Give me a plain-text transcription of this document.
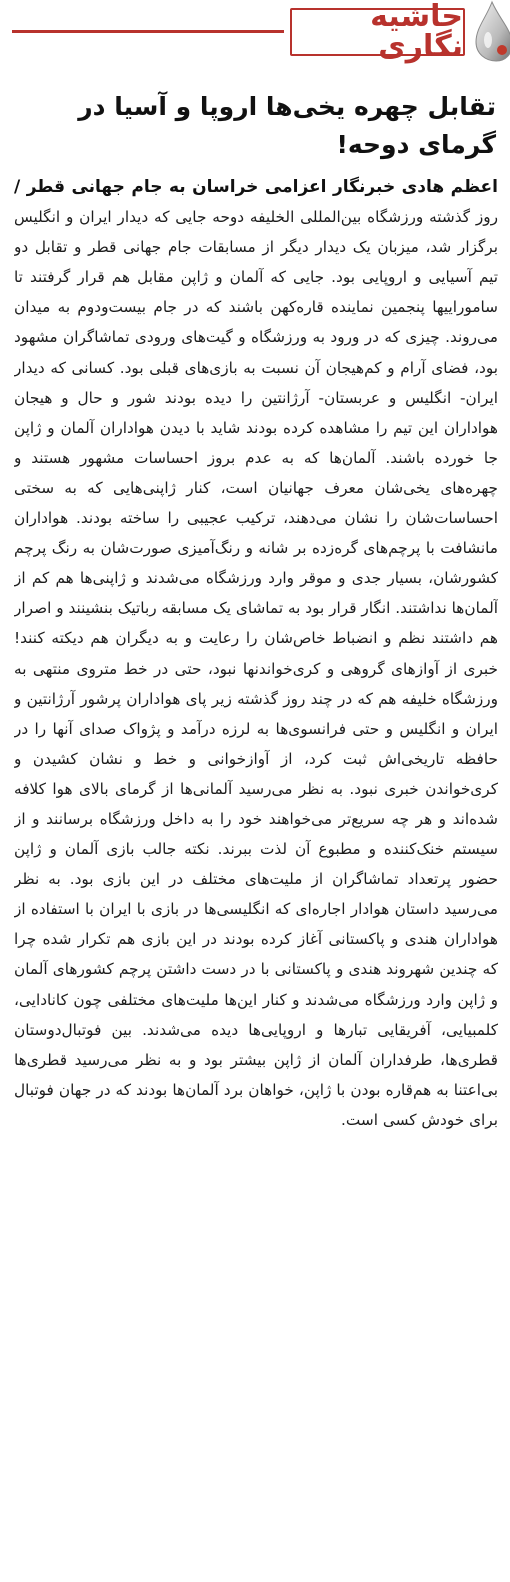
حاشیه نگاری
تقابل چهره یخی‌ها اروپا و آسیا در گرمای دوحه!

اعظم هادی خبرنگار اعزامی خراسان به جام جهانی قطر / روز گذشته ورزشگاه بین‌المللی الخلیفه دوحه جایی که دیدار ایران و انگلیس برگزار شد، میزبان یک دیدار دیگر از مسابقات جام جهانی قطر و تقابل دو تیم آسیایی و اروپایی بود. جایی که آلمان و ژاپن مقابل هم قرار گرفتند تا ساموراییها پنجمین نماینده قاره‌کهن باشند که در جام بیست‌ودوم به میدان می‌روند. چیزی که در ورود به ورزشگاه و گیت‌های ورودی تماشاگران مشهود بود، فضای آرام و کم‌هیجان آن نسبت به بازی‌های قبلی بود. کسانی که دیدار ایران- انگلیس و عربستان- آرژانتین را دیده بودند شور و حال و هیجان هواداران این تیم را مشاهده کرده بودند شاید با دیدن هواداران آلمان و ژاپن جا خورده باشند. آلمان‌ها که به عدم بروز احساسات مشهور هستند و چهره‌های یخی‌شان معرف جهانیان است، کنار ژاپنی‌هایی که به سختی احساسات‌شان را نشان می‌دهند، ترکیب عجیبی را ساخته بودند. هواداران مانشافت با پرچم‌های گره‌زده بر شانه و رنگ‌آمیزی صورت‌شان به رنگ پرچم کشورشان، بسیار جدی و موقر وارد ورزشگاه می‌شدند و ژاپنی‌ها هم کم از آلمان‌ها نداشتند. انگار قرار بود به تماشای یک مسابقه رباتیک بنشینند و اصرار هم داشتند نظم و انضباط خاص‌شان را رعایت و به دیگران هم دیکته کنند! خبری از آوازهای گروهی و کری‌خواندنها نبود، حتی در خط متروی منتهی به ورزشگاه خلیفه هم که در چند روز گذشته زیر پای هواداران پرشور آرژانتین و ایران و انگلیس و حتی فرانسوی‌ها به لرزه درآمد و پژواک صدای آنها را در حافظه تاریخی‌اش ثبت کرد، از آوازخوانی و خط و نشان کشیدن و کری‌خواندن خبری نبود. به نظر می‌رسید آلمانی‌ها از گرمای بالای هوا کلافه شده‌اند و هر چه سریع‌تر می‌خواهند خود را به داخل ورزشگاه برسانند و از سیستم خنک‌کننده و مطبوع آن لذت ببرند. نکته جالب بازی آلمان و ژاپن حضور پرتعداد تماشاگران از ملیت‌های مختلف در این بازی بود. به نظر می‌رسید داستان هوادار اجاره‌ای که انگلیسی‌ها در بازی با ایران با استفاده از هواداران هندی و پاکستانی آغاز کرده بودند در این بازی هم تکرار شده چرا که چندین شهروند هندی و پاکستانی با در دست داشتن پرچم کشورهای آلمان و ژاپن وارد ورزشگاه می‌شدند و کنار این‌ها ملیت‌های مختلفی چون کانادایی، کلمبیایی، آفریقایی تبارها و اروپایی‌ها دیده می‌شدند. بین فوتبال‌دوستان قطری‌ها، طرفداران آلمان از ژاپن بیشتر بود و به نظر می‌رسید قطری‌ها بی‌اعتنا به هم‌قاره بودن با ژاپن، خواهان برد آلمان‌ها بودند که در جهان فوتبال برای خودش کسی است.
